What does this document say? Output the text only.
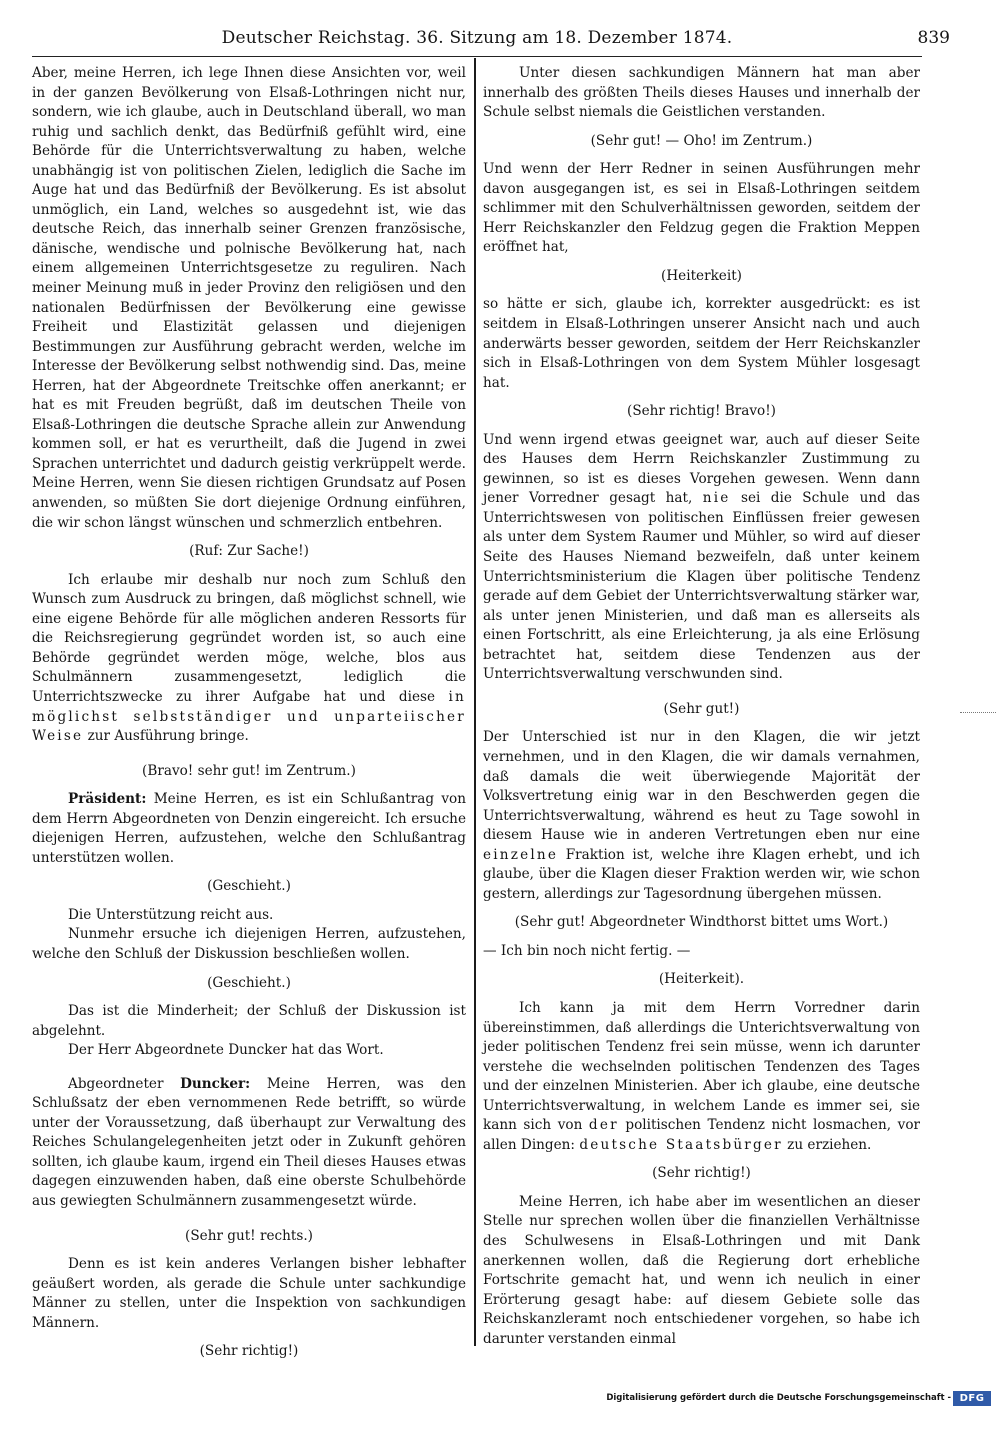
Deutscher Reichstag. 36. Sitzung am 18. Dezember 1874.	839

Aber, meine Herren, ich lege Ihnen diese Ansichten vor, weil in der ganzen Bevölkerung von Elsaß-Lothringen nicht nur, sondern, wie ich glaube, auch in Deutschland überall, wo man ruhig und sachlich denkt, das Bedürfniß gefühlt wird, eine Behörde für die Unterrichtsverwaltung zu haben, welche unabhängig ist von politischen Zielen, lediglich die Sache im Auge hat und das Bedürfniß der Bevölkerung. Es ist absolut unmöglich, ein Land, welches so ausgedehnt ist, wie das deutsche Reich, das innerhalb seiner Grenzen französische, dänische, wendische und polnische Bevölkerung hat, nach einem allgemeinen Unterrichtsgesetze zu reguliren. Nach meiner Meinung muß in jeder Provinz den religiösen und den nationalen Bedürfnissen der Bevölkerung eine gewisse Freiheit und Elastizität gelassen und diejenigen Bestimmungen zur Ausführung gebracht werden, welche im Interesse der Bevölkerung selbst nothwendig sind. Das, meine Herren, hat der Abgeordnete Treitschke offen anerkannt; er hat es mit Freuden begrüßt, daß im deutschen Theile von Elsaß-Lothringen die deutsche Sprache allein zur Anwendung kommen soll, er hat es verurtheilt, daß die Jugend in zwei Sprachen unterrichtet und dadurch geistig verkrüppelt werde. Meine Herren, wenn Sie diesen richtigen Grundsatz auf Posen anwenden, so müßten Sie dort diejenige Ordnung einführen, die wir schon längst wünschen und schmerzlich entbehren.

(Ruf: Zur Sache!)

Ich erlaube mir deshalb nur noch zum Schluß den Wunsch zum Ausdruck zu bringen, daß möglichst schnell, wie eine eigene Behörde für alle möglichen anderen Ressorts für die Reichsregierung gegründet worden ist, so auch eine Behörde gegründet werden möge, welche, blos aus Schulmännern zusammengesetzt, lediglich die Unterrichtszwecke zu ihrer Aufgabe hat und diese in möglichst selbstständiger und unparteiischer Weise zur Ausführung bringe.

(Bravo! sehr gut! im Zentrum.)

Präsident: Meine Herren, es ist ein Schlußantrag von dem Herrn Abgeordneten von Denzin eingereicht. Ich ersuche diejenigen Herren, aufzustehen, welche den Schlußantrag unterstützen wollen.

(Geschieht.)

Die Unterstützung reicht aus.

Nunmehr ersuche ich diejenigen Herren, aufzustehen, welche den Schluß der Diskussion beschließen wollen.

(Geschieht.)

Das ist die Minderheit; der Schluß der Diskussion ist abgelehnt.

Der Herr Abgeordnete Duncker hat das Wort.

Abgeordneter Duncker: Meine Herren, was den Schlußsatz der eben vernommenen Rede betrifft, so würde unter der Voraussetzung, daß überhaupt zur Verwaltung des Reiches Schulangelegenheiten jetzt oder in Zukunft gehören sollten, ich glaube kaum, irgend ein Theil dieses Hauses etwas dagegen einzuwenden haben, daß eine oberste Schulbehörde aus gewiegten Schulmännern zusammengesetzt würde.

(Sehr gut! rechts.)

Denn es ist kein anderes Verlangen bisher lebhafter geäußert worden, als gerade die Schule unter sachkundige Männer zu stellen, unter die Inspektion von sachkundigen Männern.

(Sehr richtig!)

Unter diesen sachkundigen Männern hat man aber innerhalb des größten Theils dieses Hauses und innerhalb der Schule selbst niemals die Geistlichen verstanden.

(Sehr gut! — Oho! im Zentrum.)

Und wenn der Herr Redner in seinen Ausführungen mehr davon ausgegangen ist, es sei in Elsaß-Lothringen seitdem schlimmer mit den Schulverhältnissen geworden, seitdem der Herr Reichskanzler den Feldzug gegen die Fraktion Meppen eröffnet hat,

(Heiterkeit)

so hätte er sich, glaube ich, korrekter ausgedrückt: es ist seitdem in Elsaß-Lothringen unserer Ansicht nach und auch anderwärts besser geworden, seitdem der Herr Reichskanzler sich in Elsaß-Lothringen von dem System Mühler losgesagt hat.

(Sehr richtig! Bravo!)

Und wenn irgend etwas geeignet war, auch auf dieser Seite des Hauses dem Herrn Reichskanzler Zustimmung zu gewinnen, so ist es dieses Vorgehen gewesen. Wenn dann jener Vorredner gesagt hat, nie sei die Schule und das Unterrichtswesen von politischen Einflüssen freier gewesen als unter dem System Raumer und Mühler, so wird auf dieser Seite des Hauses Niemand bezweifeln, daß unter keinem Unterrichtsministerium die Klagen über politische Tendenz gerade auf dem Gebiet der Unterrichtsverwaltung stärker war, als unter jenen Ministerien, und daß man es allerseits als einen Fortschritt, als eine Erleichterung, ja als eine Erlösung betrachtet hat, seitdem diese Tendenzen aus der Unterrichtsverwaltung verschwunden sind.

(Sehr gut!)

Der Unterschied ist nur in den Klagen, die wir jetzt vernehmen, und in den Klagen, die wir damals vernahmen, daß damals die weit überwiegende Majorität der Volksvertretung einig war in den Beschwerden gegen die Unterrichtsverwaltung, während es heut zu Tage sowohl in diesem Hause wie in anderen Vertretungen eben nur eine einzelne Fraktion ist, welche ihre Klagen erhebt, und ich glaube, über die Klagen dieser Fraktion werden wir, wie schon gestern, allerdings zur Tagesordnung übergehen müssen.

(Sehr gut! Abgeordneter Windthorst bittet ums Wort.)

— Ich bin noch nicht fertig. —

(Heiterkeit).

Ich kann ja mit dem Herrn Vorredner darin übereinstimmen, daß allerdings die Unterichtsverwaltung von jeder politischen Tendenz frei sein müsse, wenn ich darunter verstehe die wechselnden politischen Tendenzen des Tages und der einzelnen Ministerien. Aber ich glaube, eine deutsche Unterrichtsverwaltung, in welchem Lande es immer sei, sie kann sich von der politischen Tendenz nicht losmachen, vor allen Dingen: deutsche Staatsbürger zu erziehen.

(Sehr richtig!)

Meine Herren, ich habe aber im wesentlichen an dieser Stelle nur sprechen wollen über die finanziellen Verhältnisse des Schulwesens in Elsaß-Lothringen und mit Dank anerkennen wollen, daß die Regierung dort erhebliche Fortschrite gemacht hat, und wenn ich neulich in einer Erörterung gesagt habe: auf diesem Gebiete solle das Reichskanzleramt noch entschiedener vorgehen, so habe ich darunter verstanden einmal

Digitalisierung gefördert durch die Deutsche Forschungsgemeinschaft - DFG
